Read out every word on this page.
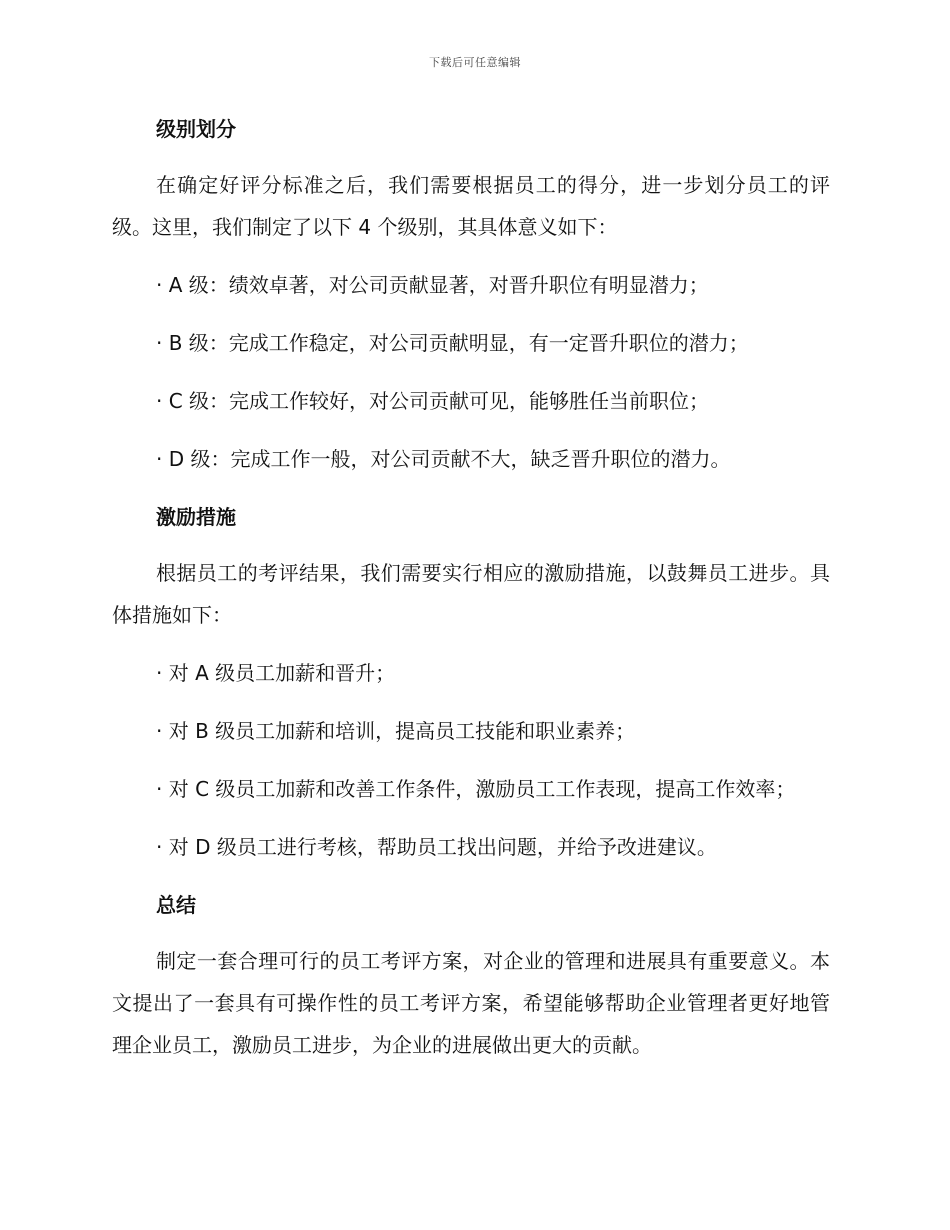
下载后可任意编辑
级别划分

在确定好评分标准之后，我们需要根据员工的得分，进一步划分员工的评级。这里，我们制定了以下 4 个级别，其具体意义如下：

· A 级：绩效卓著，对公司贡献显著，对晋升职位有明显潜力；

· B 级：完成工作稳定，对公司贡献明显，有一定晋升职位的潜力；

· C 级：完成工作较好，对公司贡献可见，能够胜任当前职位；

· D 级：完成工作一般，对公司贡献不大，缺乏晋升职位的潜力。

激励措施

根据员工的考评结果，我们需要实行相应的激励措施，以鼓舞员工进步。具体措施如下：

· 对 A 级员工加薪和晋升；

· 对 B 级员工加薪和培训，提高员工技能和职业素养；

· 对 C 级员工加薪和改善工作条件，激励员工工作表现，提高工作效率；

· 对 D 级员工进行考核，帮助员工找出问题，并给予改进建议。

总结

制定一套合理可行的员工考评方案，对企业的管理和进展具有重要意义。本文提出了一套具有可操作性的员工考评方案，希望能够帮助企业管理者更好地管理企业员工，激励员工进步，为企业的进展做出更大的贡献。
